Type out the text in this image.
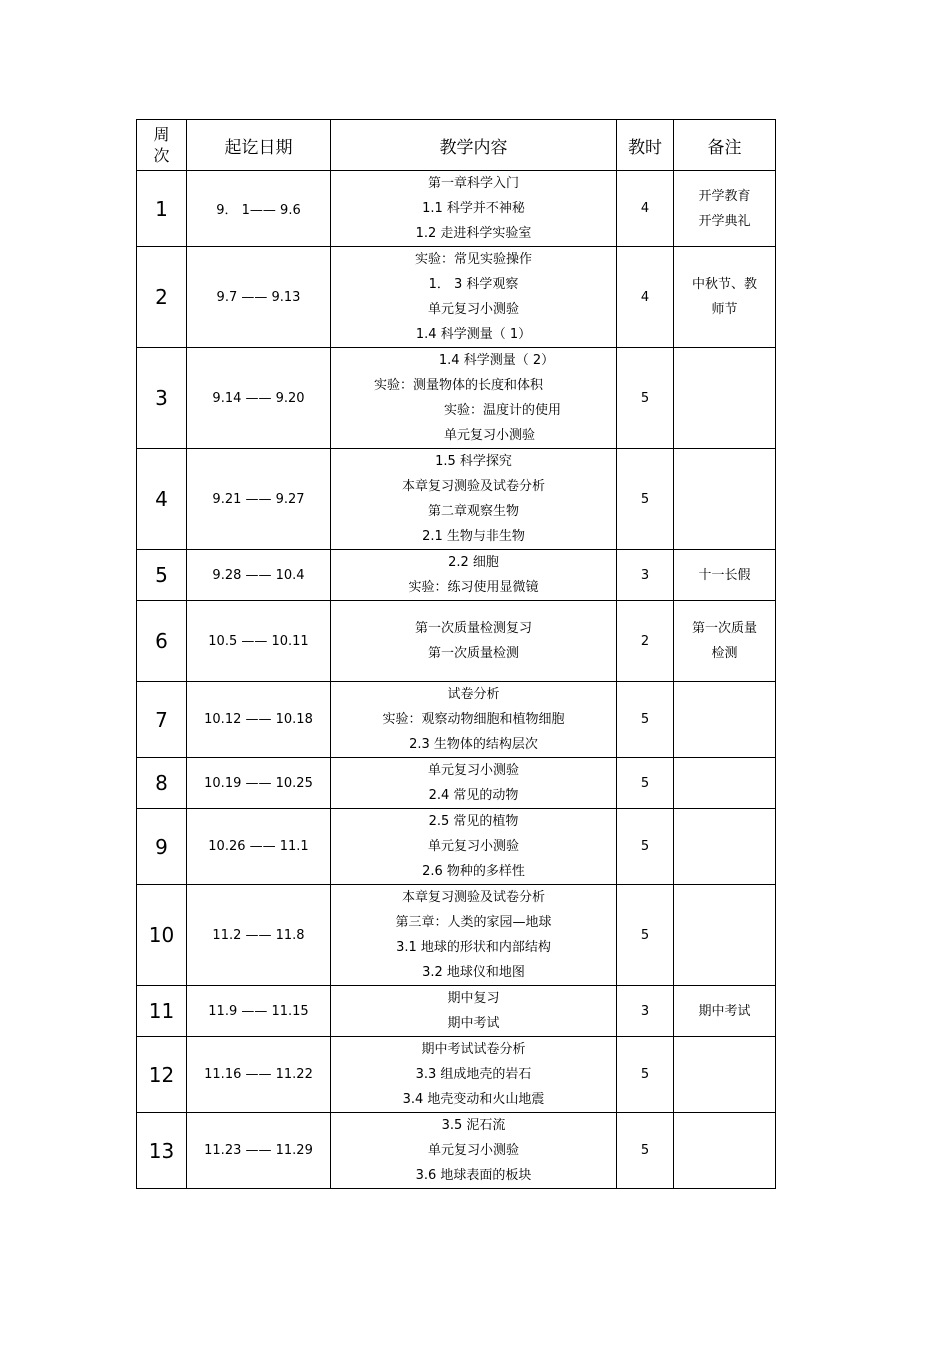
周
次	起讫日期	教学内容	教时	备注
1	9． 1—— 9.6	第一章科学入门
1.1 科学并不神秘
1.2 走进科学实验室	4	开学教育
开学典礼

2	9.7 —— 9.13	实验：常见实验操作
1． 3 科学观察
单元复习小测验
1.4 科学测量（ 1）	4	中秋节、教
师节

3	9.14 —— 9.20	1.4 科学测量（ 2）
实验：测量物体的长度和体积
实验：温度计的使用
单元复习小测验	5	
4	9.21 —— 9.27	1.5 科学探究
本章复习测验及试卷分析
第二章观察生物
2.1 生物与非生物	5	
5	9.28 —— 10.4	2.2 细胞
实验：练习使用显微镜	3	十一长假

6	10.5 —— 10.11	第一次质量检测复习
第一次质量检测	2	第一次质量
检测

7	10.12 —— 10.18	试卷分析
实验：观察动物细胞和植物细胞
2.3 生物体的结构层次	5	
8	10.19 —— 10.25	单元复习小测验
2.4 常见的动物	5	
9	10.26 —— 11.1	2.5 常见的植物
单元复习小测验
2.6 物种的多样性	5	
10	11.2 —— 11.8	本章复习测验及试卷分析
第三章：人类的家园—地球
3.1 地球的形状和内部结构
3.2 地球仪和地图	5	
11	11.9 —— 11.15	期中复习
期中考试	3	期中考试

12	11.16 —— 11.22	期中考试试卷分析
3.3 组成地壳的岩石
3.4 地壳变动和火山地震	5	
13	11.23 —— 11.29	3.5 泥石流
单元复习小测验
3.6 地球表面的板块	5	
